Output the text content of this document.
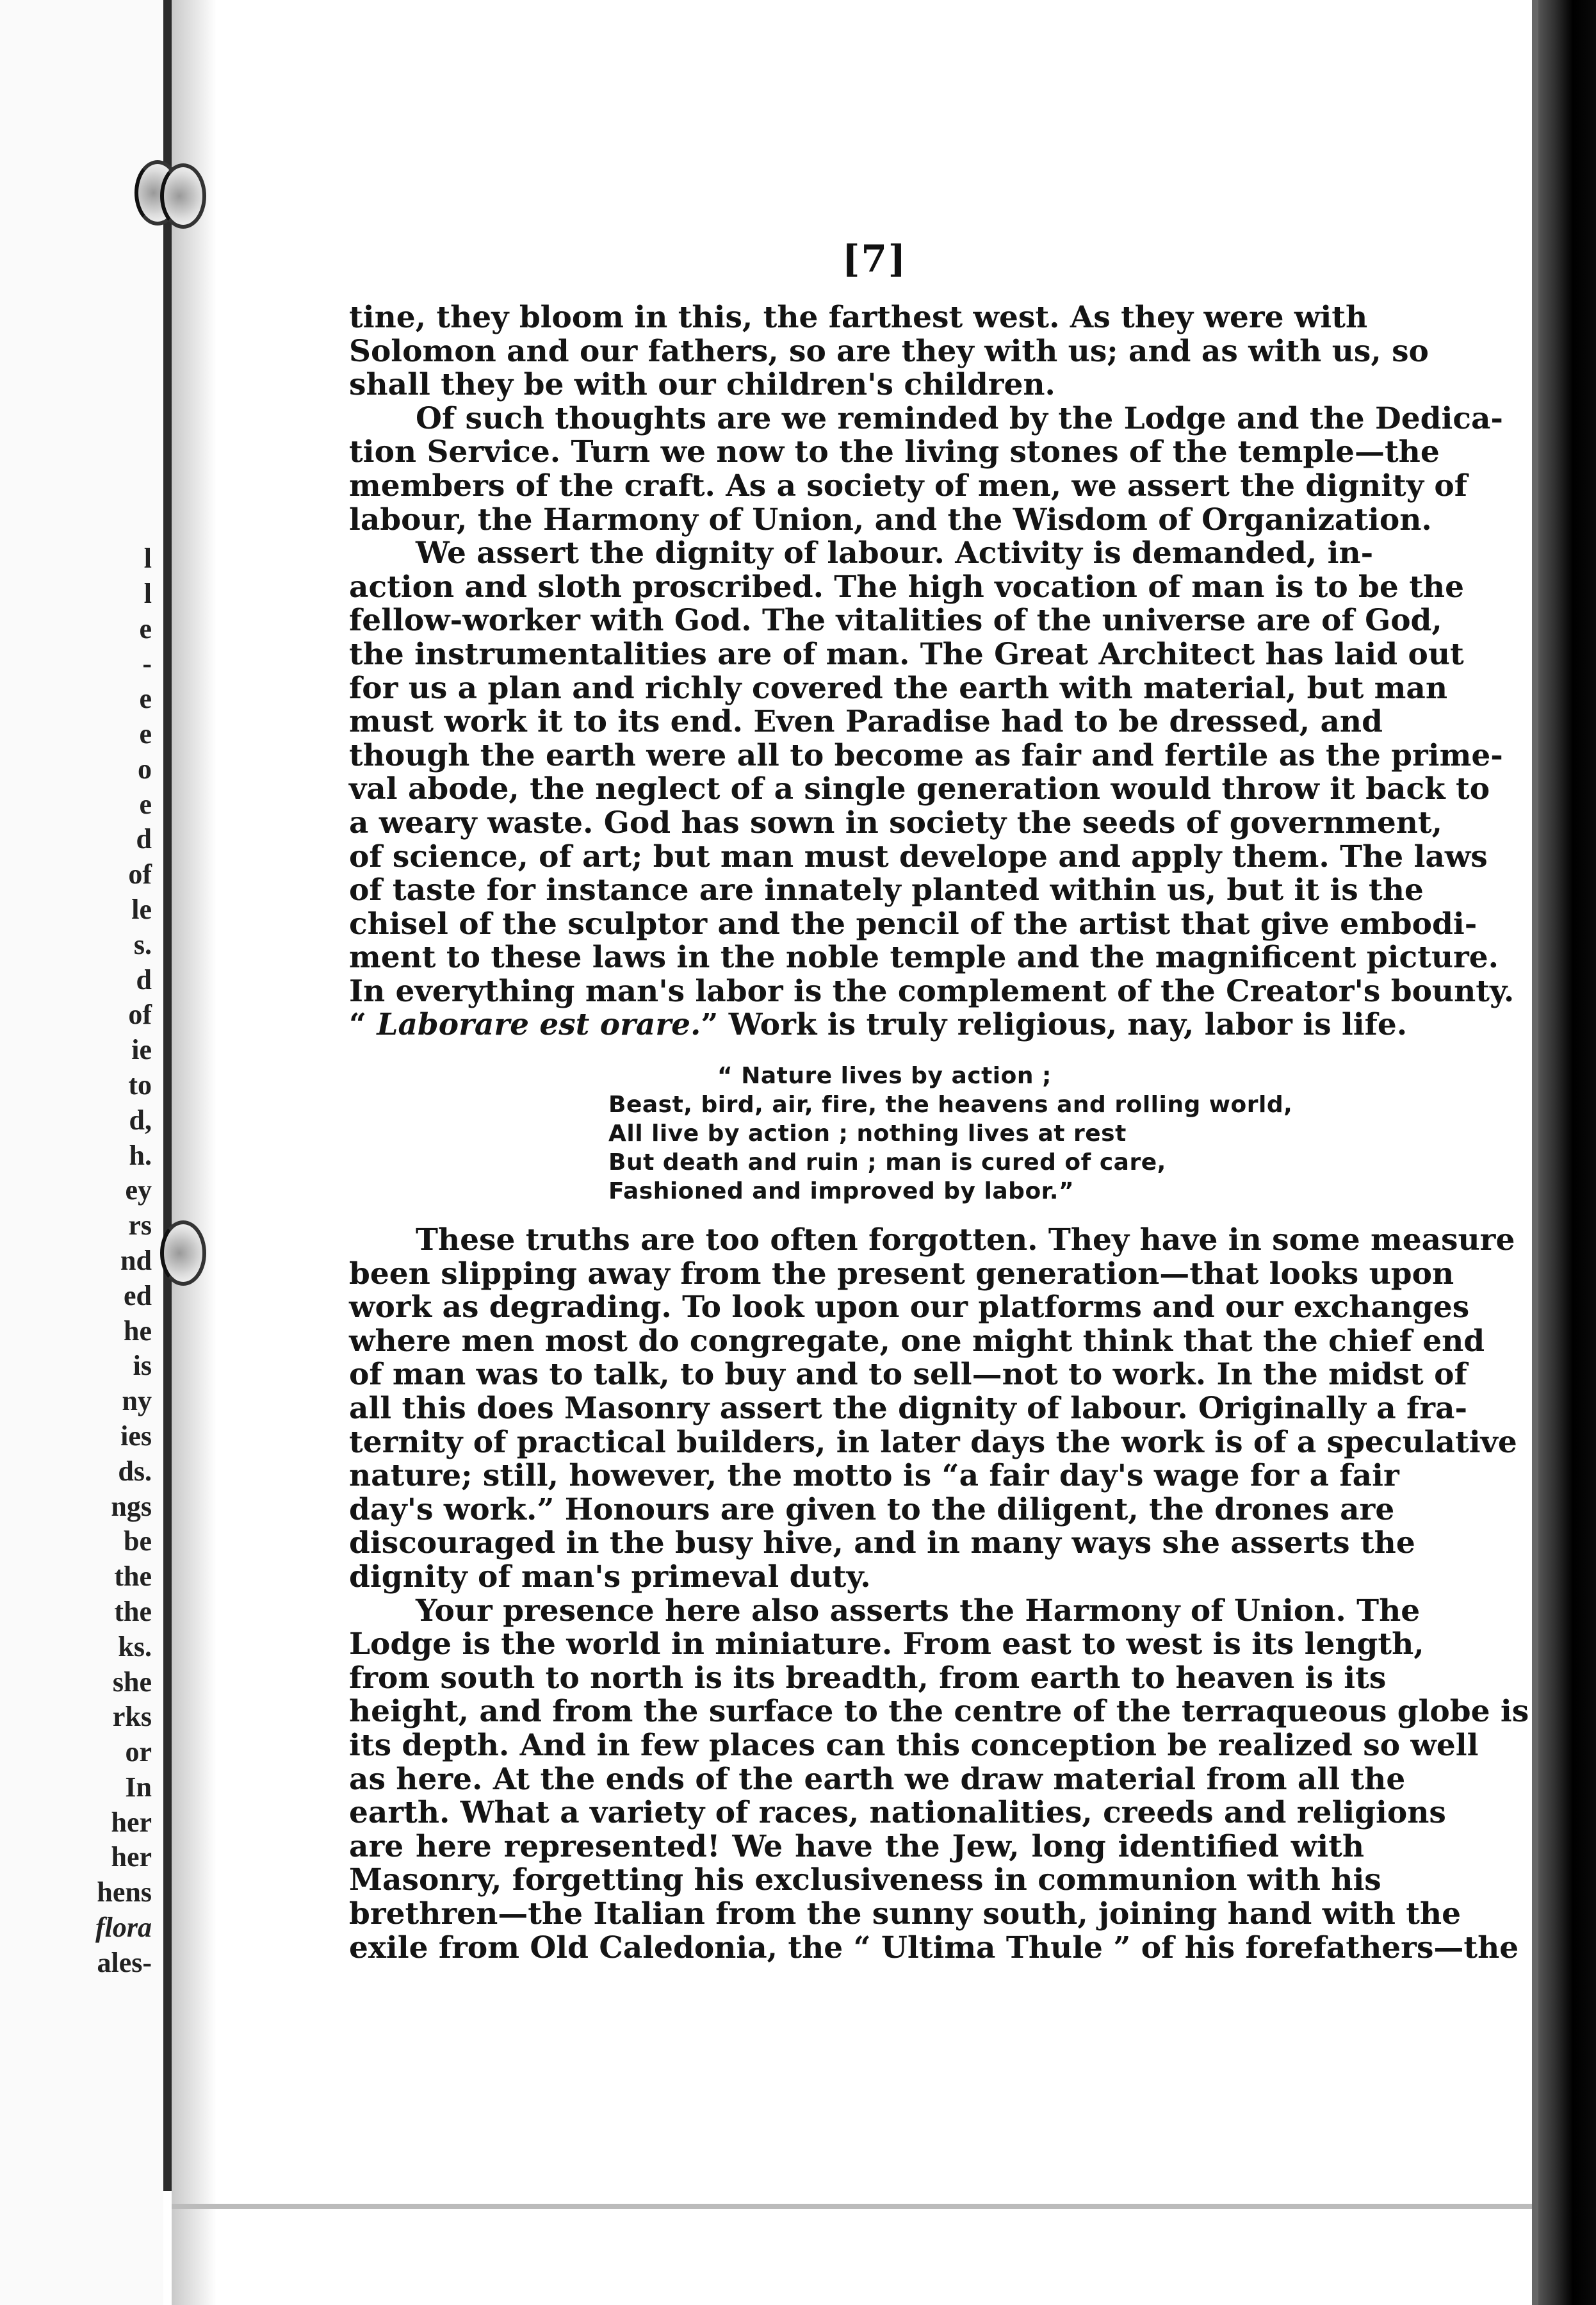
l
l
e
-
e
e
o
e
d
of
le
s.
d
of
ie
to
d,
h.
ey
rs
nd
ed
he
is
ny
ies
ds.
ngs
be
the
the
ks.
she
rks
or
In
her
her
hens
flora
ales-
[7]

tine, they bloom in this, the farthest west. As they were with
Solomon and our fathers, so are they with us; and as with us, so
shall they be with our children's children.

Of such thoughts are we reminded by the Lodge and the Dedica-
tion Service. Turn we now to the living stones of the temple—the
members of the craft. As a society of men, we assert the dignity of
labour, the Harmony of Union, and the Wisdom of Organization.

We assert the dignity of labour. Activity is demanded, in-
action and sloth proscribed. The high vocation of man is to be the
fellow-worker with God. The vitalities of the universe are of God,
the instrumentalities are of man. The Great Architect has laid out
for us a plan and richly covered the earth with material, but man
must work it to its end. Even Paradise had to be dressed, and
though the earth were all to become as fair and fertile as the prime-
val abode, the neglect of a single generation would throw it back to
a weary waste. God has sown in society the seeds of government,
of science, of art; but man must develope and apply them. The laws
of taste for instance are innately planted within us, but it is the
chisel of the sculptor and the pencil of the artist that give embodi-
ment to these laws in the noble temple and the magnificent picture.
In everything man's labor is the complement of the Creator's bounty.
“ Laborare est orare.” Work is truly religious, nay, labor is life.

“ Nature lives by action ;
Beast, bird, air, fire, the heavens and rolling world,
All live by action ; nothing lives at rest
But death and ruin ; man is cured of care,
Fashioned and improved by labor.”

These truths are too often forgotten. They have in some measure
been slipping away from the present generation—that looks upon
work as degrading. To look upon our platforms and our exchanges
where men most do congregate, one might think that the chief end
of man was to talk, to buy and to sell—not to work. In the midst of
all this does Masonry assert the dignity of labour. Originally a fra-
ternity of practical builders, in later days the work is of a speculative
nature; still, however, the motto is “a fair day's wage for a fair
day's work.” Honours are given to the diligent, the drones are
discouraged in the busy hive, and in many ways she asserts the
dignity of man's primeval duty.

Your presence here also asserts the Harmony of Union. The
Lodge is the world in miniature. From east to west is its length,
from south to north is its breadth, from earth to heaven is its
height, and from the surface to the centre of the terraqueous globe is
its depth. And in few places can this conception be realized so well
as here. At the ends of the earth we draw material from all the
earth. What a variety of races, nationalities, creeds and religions
are here represented! We have the Jew, long identified with
Masonry, forgetting his exclusiveness in communion with his
brethren—the Italian from the sunny south, joining hand with the
exile from Old Caledonia, the “ Ultima Thule ” of his forefathers—the
